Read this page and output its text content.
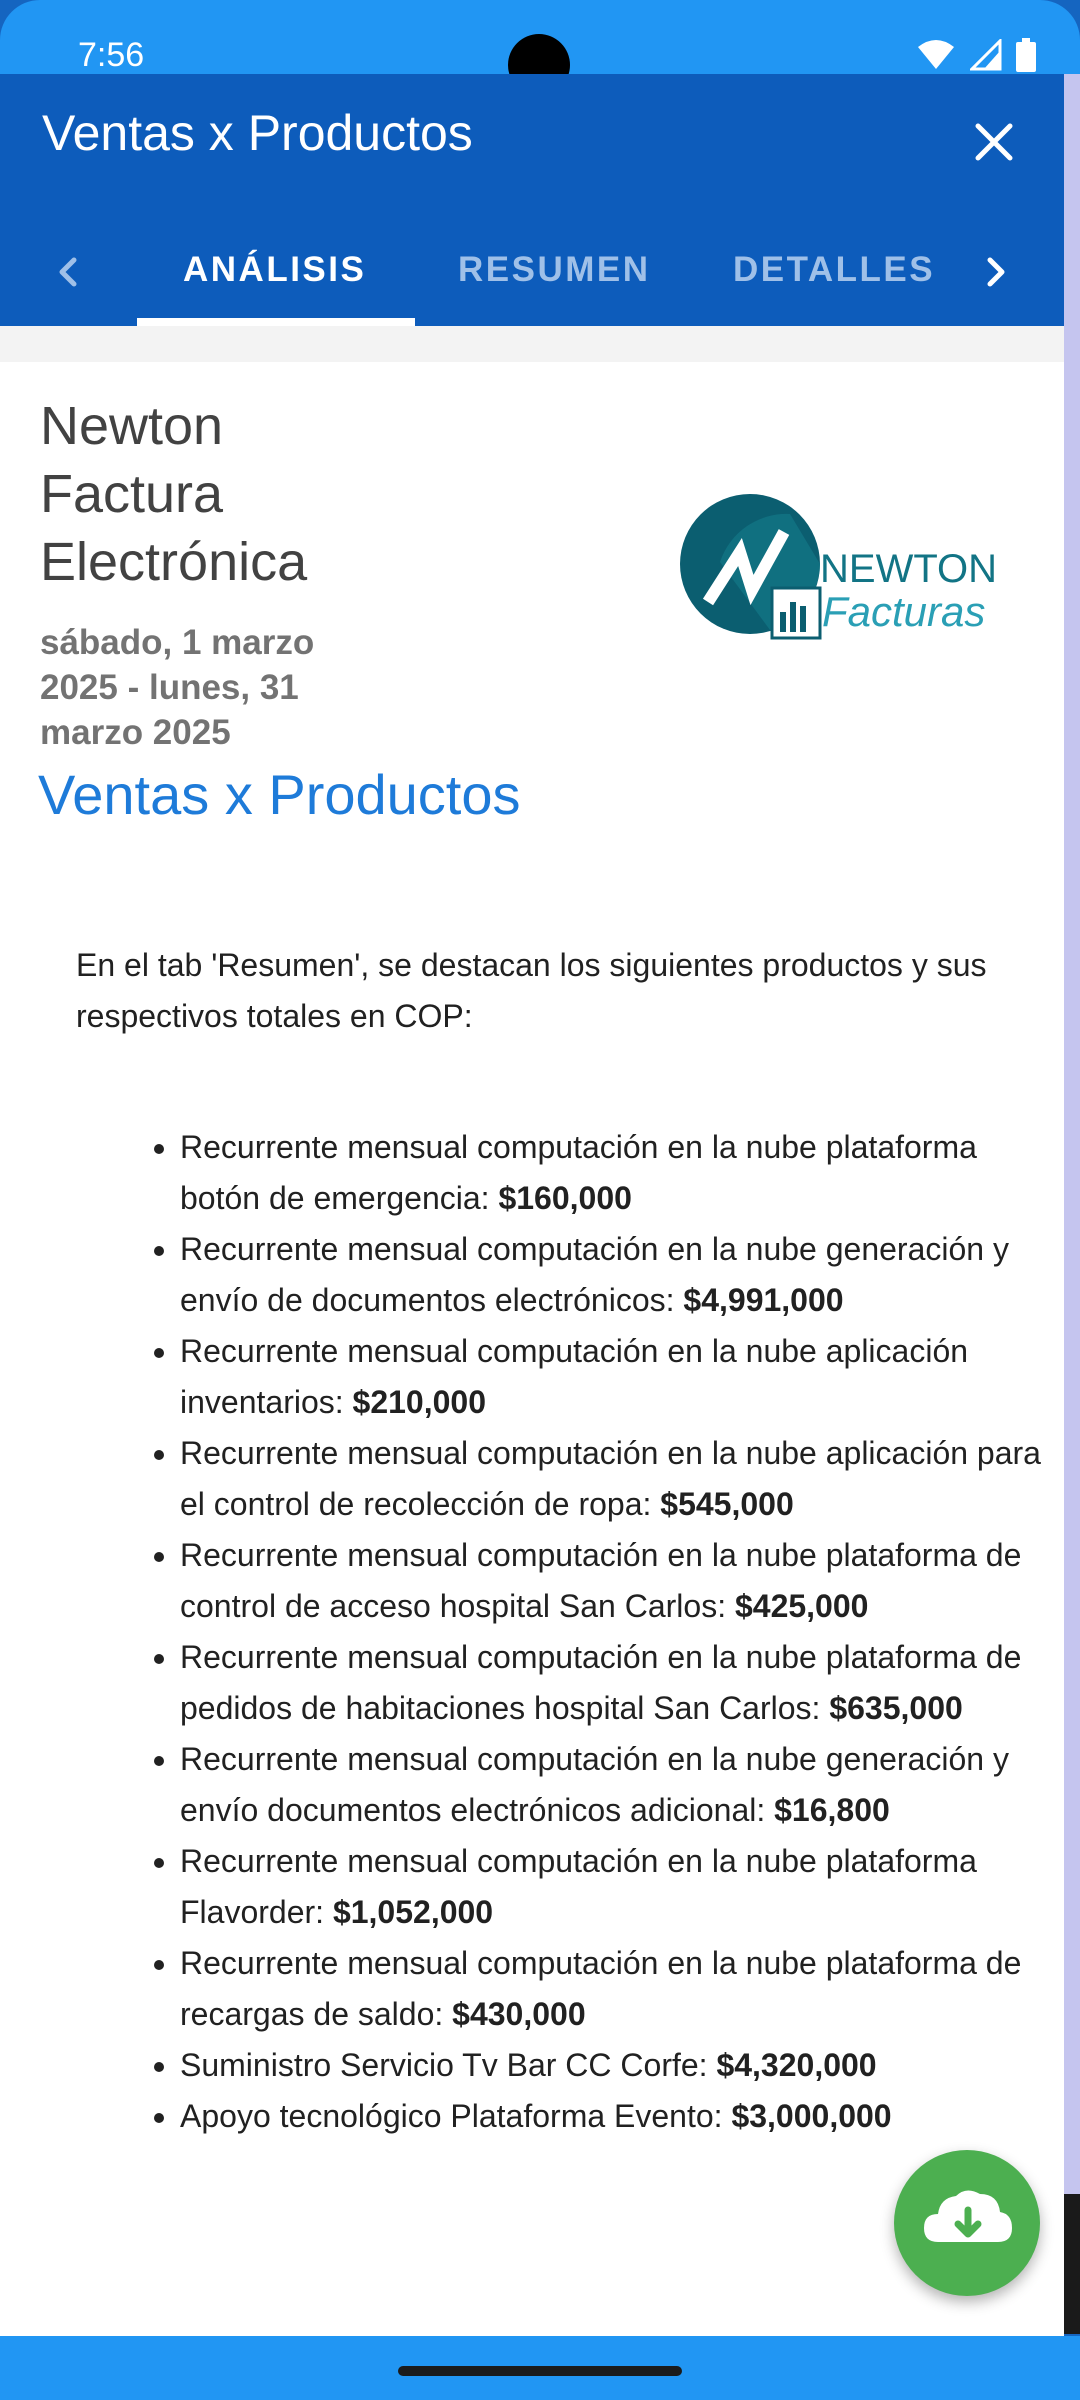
7:56
Ventas x Productos
ANÁLISIS	RESUMEN DETALLES
Newton Factura Electrónica
sábado, 1 marzo 2025 - lunes, 31 marzo 2025
NEWTON
Facturas
Ventas x Productos
En el tab 'Resumen', se destacan los siguientes productos y sus respectivos totales en COP:
• Recurrente mensual computación en la nube plataforma botón de emergencia: $160,000
• Recurrente mensual computación en la nube generación y envío de documentos electrónicos: $4,991,000
• Recurrente mensual computación en la nube aplicación inventarios: $210,000
• Recurrente mensual computación en la nube aplicación para el control de recolección de ropa: $545,000
• Recurrente mensual computación en la nube plataforma de control de acceso hospital San Carlos: $425,000
• Recurrente mensual computación en la nube plataforma de pedidos de habitaciones hospital San Carlos: $635,000
• Recurrente mensual computación en la nube generación y envío documentos electrónicos adicional: $16,800
• Recurrente mensual computación en la nube plataforma Flavorder: $1,052,000
• Recurrente mensual computación en la nube plataforma de recargas de saldo: $430,000
• Suministro Servicio Tv Bar CC Corfe: $4,320,000
• Apoyo tecnológico Plataforma Evento: $3,000,000
